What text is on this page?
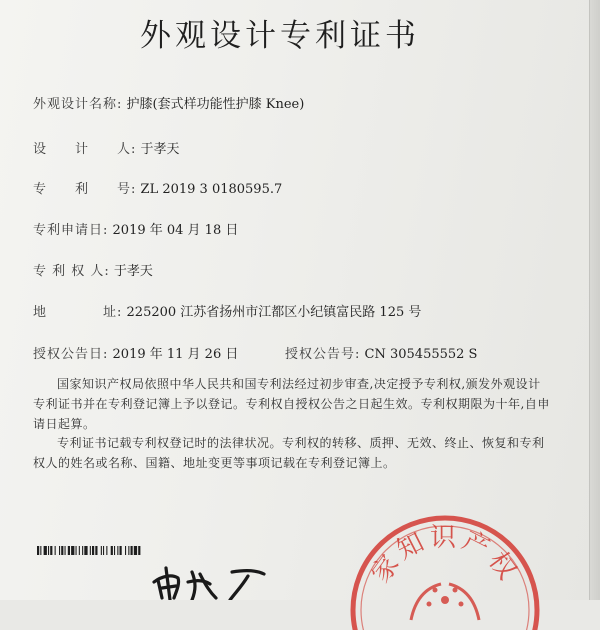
外观设计专利证书
外观设计名称: 护膝(套式样功能性护膝 Knee)
设　　计　　人: 于孝天
专　　利　　号: ZL 2019 3 0180595.7
专利申请日: 2019 年 04 月 18 日
专 利 权 人: 于孝天
地　　　　址: 225200 江苏省扬州市江都区小纪镇富民路 125 号
授权公告日: 2019 年 11 月 26 日	授权公告号: CN 305455552 S
国家知识产权局依照中华人民共和国专利法经过初步审查,决定授予专利权,颁发外观设计专利证书并在专利登记簿上予以登记。专利权自授权公告之日起生效。专利权期限为十年,自申请日起算。
专利证书记载专利权登记时的法律状况。专利权的转移、质押、无效、终止、恢复和专利权人的姓名或名称、国籍、地址变更等事项记载在专利登记簿上。
家知识产权
